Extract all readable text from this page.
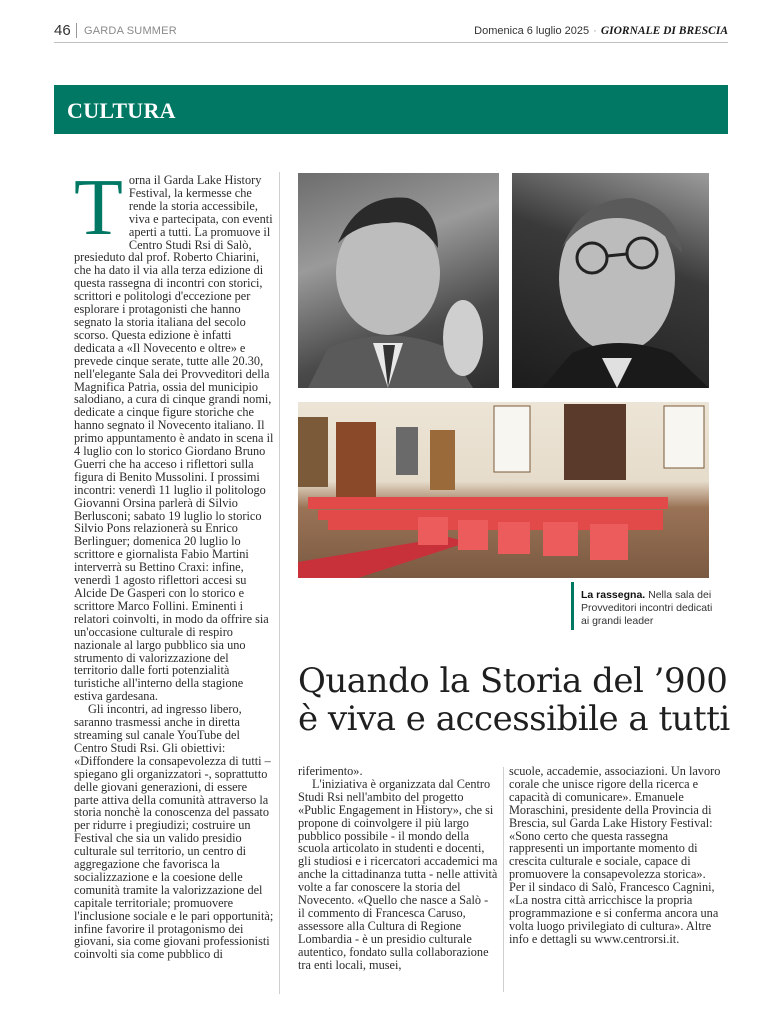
46 GARDA SUMMER	Domenica 6 luglio 2025 · GIORNALE DI BRESCIA
CULTURA
T orna il Garda Lake History Festival, la kermesse che rende la storia accessibile, viva e partecipata, con eventi aperti a tutti. La promuove il Centro Studi Rsi di Salò, presieduto dal prof. Roberto Chiarini, che ha dato il via alla terza edizione di questa rassegna di incontri con storici, scrittori e politologi d'eccezione per esplorare i protagonisti che hanno segnato la storia italiana del secolo scorso. Questa edizione è infatti dedicata a «Il Novecento e oltre» e prevede cinque serate, tutte alle 20.30, nell'elegante Sala dei Provveditori della Magnifica Patria, ossia del municipio salodiano, a cura di cinque grandi nomi, dedicate a cinque figure storiche che hanno segnato il Novecento italiano. Il primo appuntamento è andato in scena il 4 luglio con lo storico Giordano Bruno Guerri che ha acceso i riflettori sulla figura di Benito Mussolini. I prossimi incontri: venerdì 11 luglio il politologo Giovanni Orsina parlerà di Silvio Berlusconi; sabato 19 luglio lo storico Silvio Pons relazionerà su Enrico Berlinguer; domenica 20 luglio lo scrittore e giornalista Fabio Martini interverrà su Bettino Craxi: infine, venerdì 1 agosto riflettori accesi su Alcide De Gasperi con lo storico e scrittore Marco Follini. Eminenti i relatori coinvolti, in modo da offrire sia un'occasione culturale di respiro nazionale al largo pubblico sia uno strumento di valorizzazione del territorio dalle forti potenzialità turistiche all'interno della stagione estiva gardesana.

Gli incontri, ad ingresso libero, saranno trasmessi anche in diretta streaming sul canale YouTube del Centro Studi Rsi. Gli obiettivi: «Diffondere la consapevolezza di tutti – spiegano gli organizzatori -, soprattutto delle giovani generazioni, di essere parte attiva della comunità attraverso la storia nonchè la conoscenza del passato per ridurre i pregiudizi; costruire un Festival che sia un valido presidio culturale sul territorio, un centro di aggregazione che favorisca la socializzazione e la coesione delle comunità tramite la valorizzazione del capitale territoriale; promuovere l'inclusione sociale e le pari opportunità; infine favorire il protagonismo dei giovani, sia come giovani professionisti coinvolti sia come pubblico di

La rassegna. Nella sala dei Provveditori incontri dedicati ai grandi leader
Quando la Storia del ’900
è viva e accessibile a tutti

riferimento».

L'iniziativa è organizzata dal Centro Studi Rsi nell'ambito del progetto «Public Engagement in History», che si propone di coinvolgere il più largo pubblico possibile - il mondo della scuola articolato in studenti e docenti, gli studiosi e i ricercatori accademici ma anche la cittadinanza tutta - nelle attività volte a far conoscere la storia del Novecento. «Quello che nasce a Salò - il commento di Francesca Caruso, assessore alla Cultura di Regione Lombardia - è un presidio culturale autentico, fondato sulla collaborazione tra enti locali, musei,

scuole, accademie, associazioni. Un lavoro corale che unisce rigore della ricerca e capacità di comunicare». Emanuele Moraschini, presidente della Provincia di Brescia, sul Garda Lake History Festival: «Sono certo che questa rassegna rappresenti un importante momento di crescita culturale e sociale, capace di promuovere la consapevolezza storica». Per il sindaco di Salò, Francesco Cagnini, «La nostra città arricchisce la propria programmazione e si conferma ancora una volta luogo privilegiato di cultura». Altre info e dettagli su www.centrorsi.it.
